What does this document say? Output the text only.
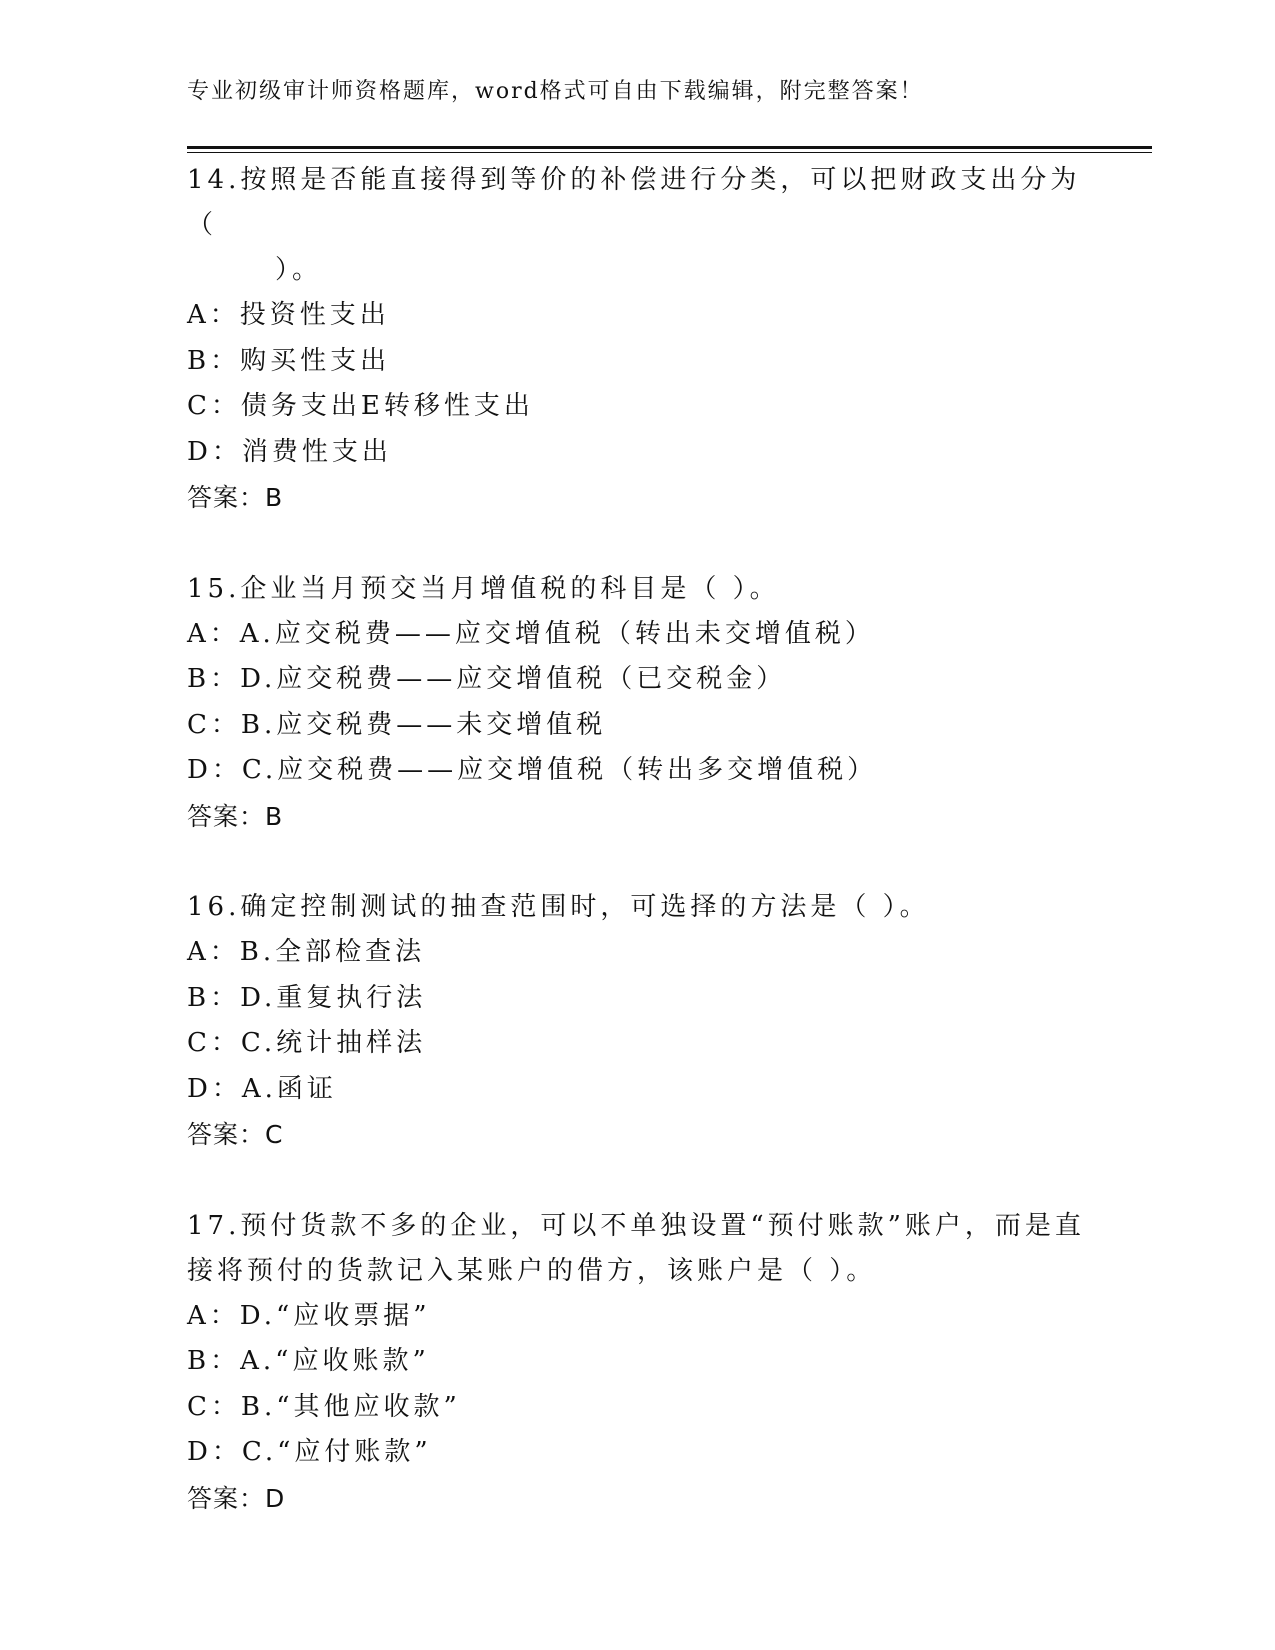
专业初级审计师资格题库，word格式可自由下载编辑，附完整答案！

14.按照是否能直接得到等价的补偿进行分类，可以把财政支出分为（

）。

A：投资性支出

B：购买性支出

C：债务支出E转移性支出

D：消费性支出

答案：B

15.企业当月预交当月增值税的科目是（ ）。

A：A.应交税费——应交增值税（转出未交增值税）

B：D.应交税费——应交增值税（已交税金）

C：B.应交税费——未交增值税

D：C.应交税费——应交增值税（转出多交增值税）

答案：B

16.确定控制测试的抽查范围时，可选择的方法是（ ）。

A：B.全部检查法

B：D.重复执行法

C：C.统计抽样法

D：A.函证

答案：C

17.预付货款不多的企业，可以不单独设置“预付账款”账户，而是直接将预付的货款记入某账户的借方，该账户是（ ）。

A：D.“应收票据”

B：A.“应收账款”

C：B.“其他应收款”

D：C.“应付账款”

答案：D
